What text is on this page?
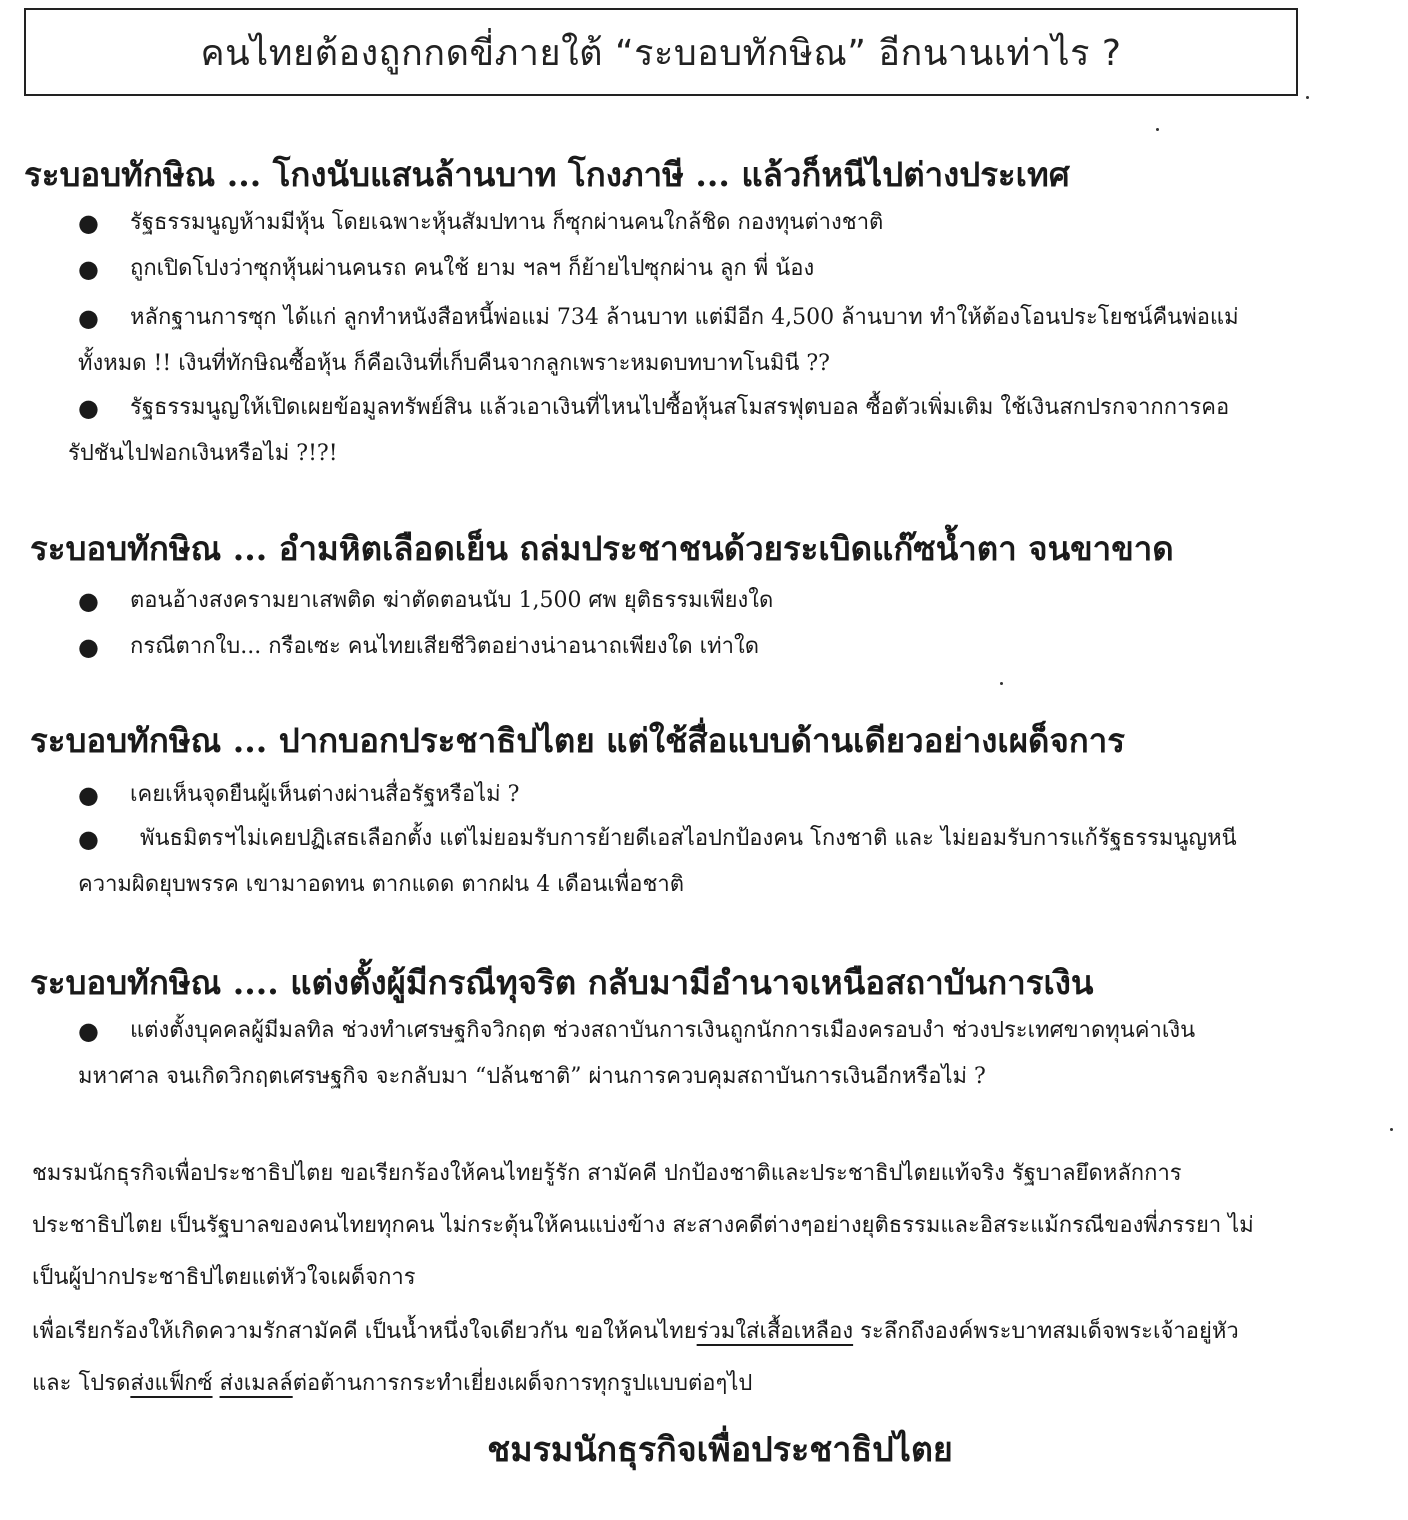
คนไทยต้องถูกกดขี่ภายใต้ “ระบอบทักษิณ” อีกนานเท่าไร ?
ระบอบทักษิณ ... โกงนับแสนล้านบาท โกงภาษี ... แล้วก็หนีไปต่างประเทศ
●	รัฐธรรมนูญห้ามมีหุ้น โดยเฉพาะหุ้นสัมปทาน ก็ซุกผ่านคนใกล้ชิด กองทุนต่างชาติ
●	ถูกเปิดโปงว่าซุกหุ้นผ่านคนรถ คนใช้ ยาม ฯลฯ ก็ย้ายไปซุกผ่าน ลูก พี่ น้อง
●	หลักฐานการซุก ได้แก่ ลูกทำหนังสือหนี้พ่อแม่ 734 ล้านบาท แต่มีอีก 4,500 ล้านบาท ทำให้ต้องโอนประโยชน์คืนพ่อแม่
ทั้งหมด !! เงินที่ทักษิณซื้อหุ้น ก็คือเงินที่เก็บคืนจากลูกเพราะหมดบทบาทโนมินี ??
●	รัฐธรรมนูญให้เปิดเผยข้อมูลทรัพย์สิน แล้วเอาเงินที่ไหนไปซื้อหุ้นสโมสรฟุตบอล ซื้อตัวเพิ่มเติม ใช้เงินสกปรกจากการคอ
รัปชันไปฟอกเงินหรือไม่ ?!?!
ระบอบทักษิณ ... อำมหิตเลือดเย็น ถล่มประชาชนด้วยระเบิดแก๊ซน้ำตา จนขาขาด
●	ตอนอ้างสงครามยาเสพติด ฆ่าตัดตอนนับ 1,500 ศพ ยุติธรรมเพียงใด
●	กรณีตากใบ... กรือเซะ คนไทยเสียชีวิตอย่างน่าอนาถเพียงใด เท่าใด
ระบอบทักษิณ ... ปากบอกประชาธิปไตย แต่ใช้สื่อแบบด้านเดียวอย่างเผด็จการ
●	เคยเห็นจุดยืนผู้เห็นต่างผ่านสื่อรัฐหรือไม่ ?
●	พันธมิตรฯไม่เคยปฏิเสธเลือกตั้ง แต่ไม่ยอมรับการย้ายดีเอสไอปกป้องคน โกงชาติ และ ไม่ยอมรับการแก้รัฐธรรมนูญหนี
ความผิดยุบพรรค เขามาอดทน ตากแดด ตากฝน 4 เดือนเพื่อชาติ
ระบอบทักษิณ .... แต่งตั้งผู้มีกรณีทุจริต กลับมามีอำนาจเหนือสถาบันการเงิน
●	แต่งตั้งบุคคลผู้มีมลทิล ช่วงทำเศรษฐกิจวิกฤต ช่วงสถาบันการเงินถูกนักการเมืองครอบงำ ช่วงประเทศขาดทุนค่าเงิน
มหาศาล จนเกิดวิกฤตเศรษฐกิจ จะกลับมา “ปล้นชาติ” ผ่านการควบคุมสถาบันการเงินอีกหรือไม่ ?
ชมรมนักธุรกิจเพื่อประชาธิปไตย ขอเรียกร้องให้คนไทยรู้รัก สามัคคี ปกป้องชาติและประชาธิปไตยแท้จริง รัฐบาลยึดหลักการ
ประชาธิปไตย เป็นรัฐบาลของคนไทยทุกคน ไม่กระตุ้นให้คนแบ่งข้าง สะสางคดีต่างๆอย่างยุติธรรมและอิสระแม้กรณีของพี่ภรรยา ไม่
เป็นผู้ปากประชาธิปไตยแต่หัวใจเผด็จการ
เพื่อเรียกร้องให้เกิดความรักสามัคคี เป็นน้ำหนึ่งใจเดียวกัน ขอให้คนไทยร่วมใส่เสื้อเหลือง ระลึกถึงองค์พระบาทสมเด็จพระเจ้าอยู่หัว
และ โปรดส่งแฟ็กซ์ ส่งเมลล์ต่อต้านการกระทำเยี่ยงเผด็จการทุกรูปแบบต่อๆไป
ชมรมนักธุรกิจเพื่อประชาธิปไตย
